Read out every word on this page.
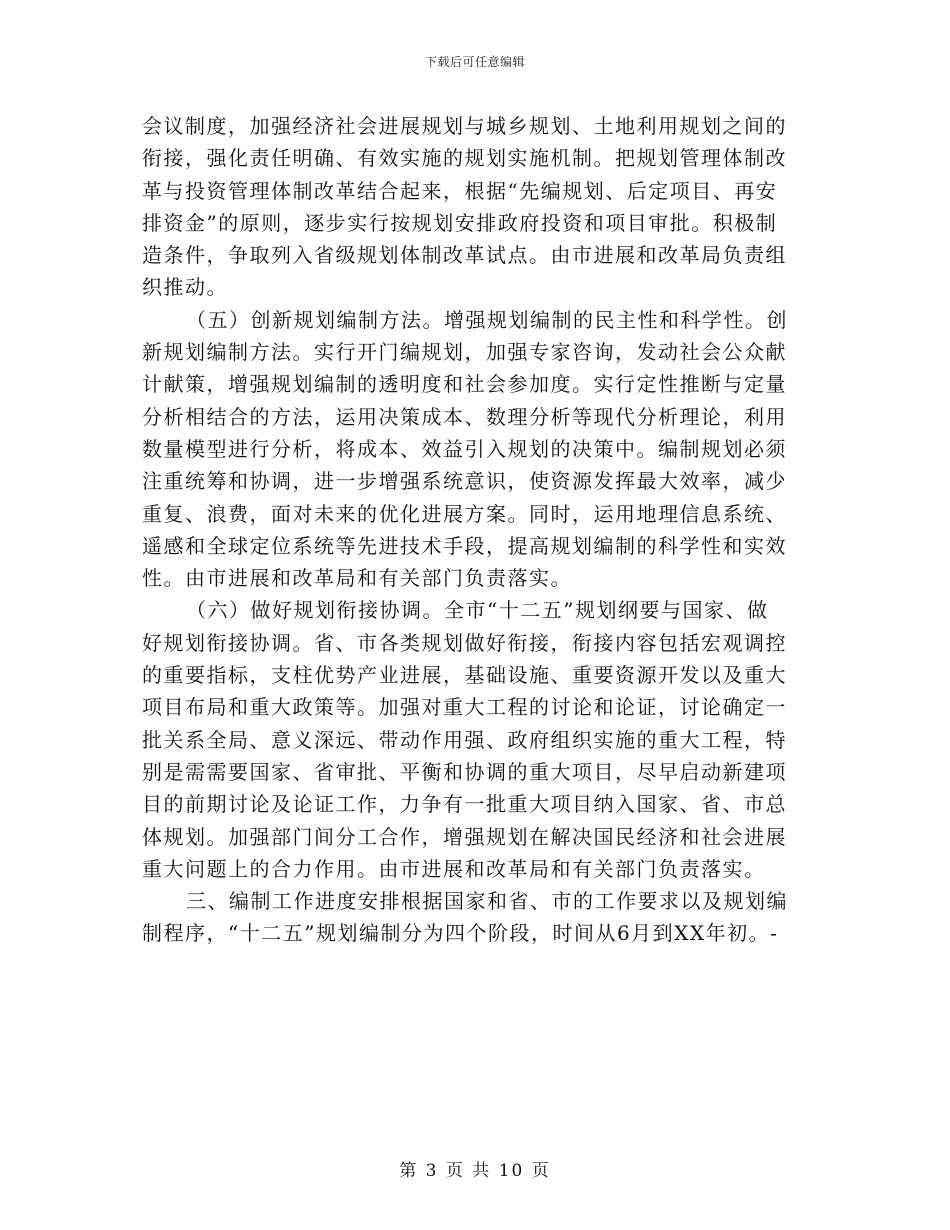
下载后可任意编辑
会议制度，加强经济社会进展规划与城乡规划、土地利用规划之间的
衔接，强化责任明确、有效实施的规划实施机制。把规划管理体制改
革与投资管理体制改革结合起来，根据“先编规划、后定项目、再安
排资金”的原则，逐步实行按规划安排政府投资和项目审批。积极制
造条件，争取列入省级规划体制改革试点。由市进展和改革局负责组
织推动。
（五）创新规划编制方法。增强规划编制的民主性和科学性。创
新规划编制方法。实行开门编规划，加强专家咨询，发动社会公众献
计献策，增强规划编制的透明度和社会参加度。实行定性推断与定量
分析相结合的方法，运用决策成本、数理分析等现代分析理论，利用
数量模型进行分析，将成本、效益引入规划的决策中。编制规划必须
注重统筹和协调，进一步增强系统意识，使资源发挥最大效率，减少
重复、浪费，面对未来的优化进展方案。同时，运用地理信息系统、
遥感和全球定位系统等先进技术手段，提高规划编制的科学性和实效
性。由市进展和改革局和有关部门负责落实。
（六）做好规划衔接协调。全市“十二五”规划纲要与国家、做
好规划衔接协调。省、市各类规划做好衔接，衔接内容包括宏观调控
的重要指标，支柱优势产业进展，基础设施、重要资源开发以及重大
项目布局和重大政策等。加强对重大工程的讨论和论证，讨论确定一
批关系全局、意义深远、带动作用强、政府组织实施的重大工程，特
别是需需要国家、省审批、平衡和协调的重大项目，尽早启动新建项
目的前期讨论及论证工作，力争有一批重大项目纳入国家、省、市总
体规划。加强部门间分工合作，增强规划在解决国民经济和社会进展
重大问题上的合力作用。由市进展和改革局和有关部门负责落实。
三、编制工作进度安排根据国家和省、市的工作要求以及规划编
制程序，“十二五”规划编制分为四个阶段，时间从6月到XX年初。-
第 3 页 共 10 页
